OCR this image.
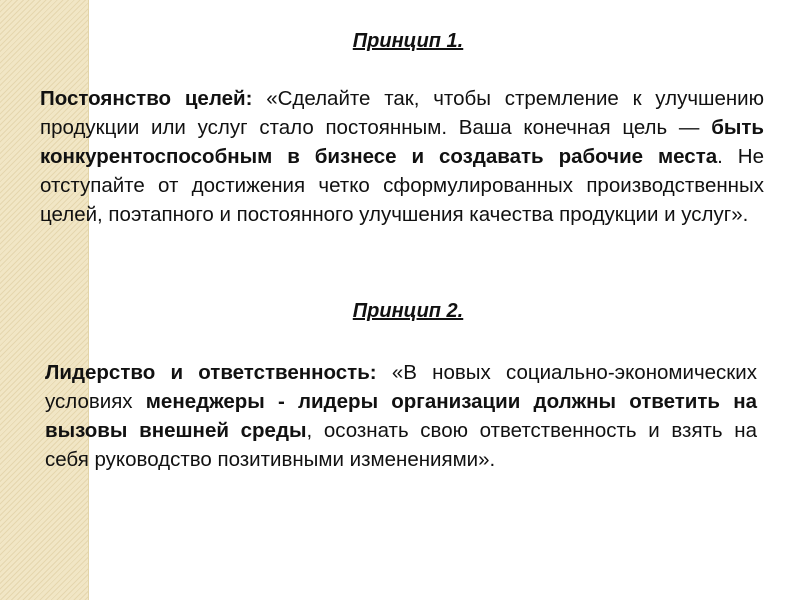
Принцип 1.

Постоянство целей: «Сделайте так, чтобы стремление к улучшению продукции или услуг стало постоянным. Ваша конечная цель — быть конкурентоспособным в бизнесе и создавать рабочие места. Не отступайте от достижения четко сформулированных производственных целей, поэтапного и постоянного улучшения качества продукции и услуг».

Принцип 2.

Лидерство и ответственность: «В новых социально-экономических условиях менеджеры - лидеры организации должны ответить на вызовы внешней среды, осознать свою ответственность и взять на себя руководство позитивными изменениями».
